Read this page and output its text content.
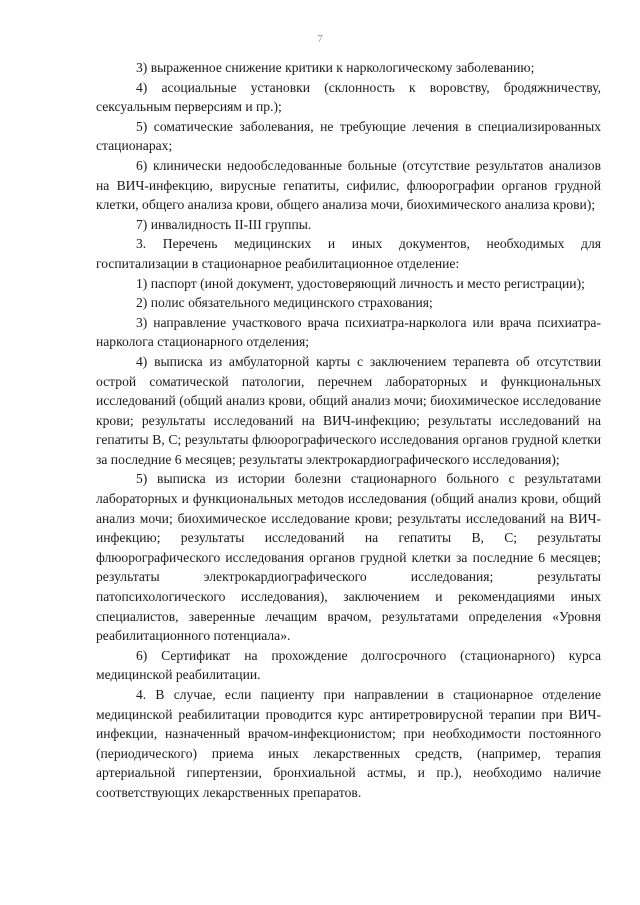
7

3) выраженное снижение критики к наркологическому заболеванию;

4) асоциальные установки (склонность к воровству, бродяжничеству, сексуальным перверсиям и пр.);

5) соматические заболевания, не требующие лечения в специализированных стационарах;

6) клинически недообследованные больные (отсутствие результатов анализов на ВИЧ-инфекцию, вирусные гепатиты, сифилис, флюорографии органов грудной клетки, общего анализа крови, общего анализа мочи, биохимического анализа крови);

7) инвалидность II-III группы.

3. Перечень медицинских и иных документов, необходимых для госпитализации в стационарное реабилитационное отделение:

1) паспорт (иной документ, удостоверяющий личность и место регистрации);

2) полис обязательного медицинского страхования;

3) направление участкового врача психиатра-нарколога или врача психиатра-нарколога стационарного отделения;

4) выписка из амбулаторной карты с заключением терапевта об отсутствии острой соматической патологии, перечнем лабораторных и функциональных исследований (общий анализ крови, общий анализ мочи; биохимическое исследование крови; результаты исследований на ВИЧ-инфекцию; результаты исследований на гепатиты В, С; результаты флюорографического исследования органов грудной клетки за последние 6 месяцев; результаты электрокардиографического исследования);

5) выписка из истории болезни стационарного больного с результатами лабораторных и функциональных методов исследования (общий анализ крови, общий анализ мочи; биохимическое исследование крови; результаты исследований на ВИЧ-инфекцию; результаты исследований на гепатиты В, С; результаты флюорографического исследования органов грудной клетки за последние 6 месяцев; результаты электрокардиографического исследования; результаты патопсихологического исследования), заключением и рекомендациями иных специалистов, заверенные лечащим врачом, результатами определения «Уровня реабилитационного потенциала».

6) Сертификат на прохождение долгосрочного (стационарного) курса медицинской реабилитации.

4. В случае, если пациенту при направлении в стационарное отделение медицинской реабилитации проводится курс антиретровирусной терапии при ВИЧ-инфекции, назначенный врачом-инфекционистом; при необходимости постоянного (периодического) приема иных лекарственных средств, (например, терапия артериальной гипертензии, бронхиальной астмы, и пр.), необходимо наличие соответствующих лекарственных препаратов.
